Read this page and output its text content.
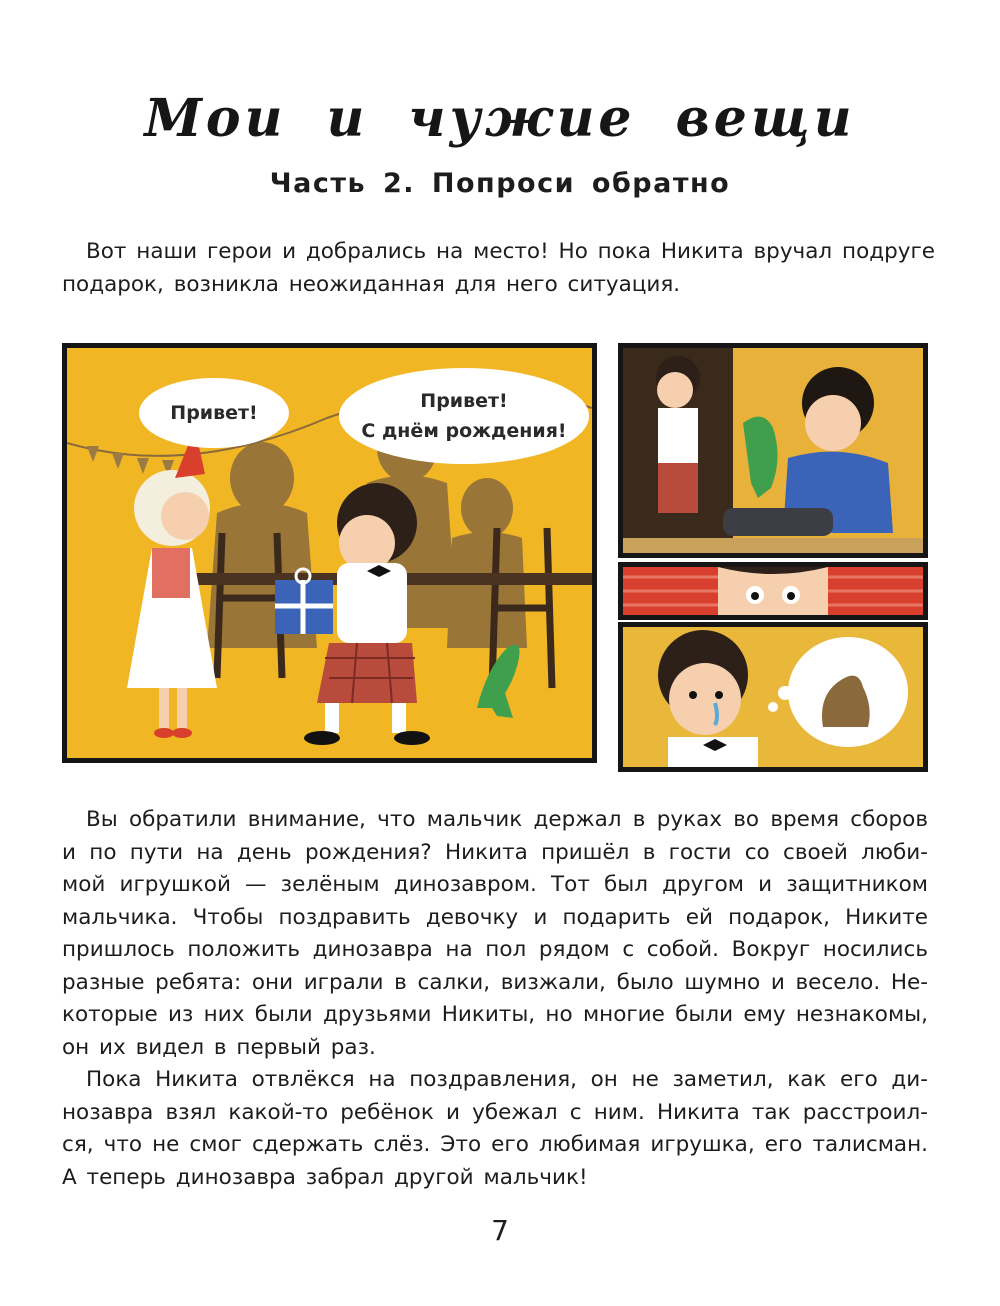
Мои и чужие вещи
Часть 2. Попроси обратно
Вот наши герои и добрались на место! Но пока Никита вручал подруге
подарок, возникла неожиданная для него ситуация.
Привет!
Привет!
С днём рождения!
Вы обратили внимание, что мальчик держал в руках во время сборов
и по пути на день рождения? Никита пришёл в гости со своей люби-
мой игрушкой — зелёным динозавром. Тот был другом и защитником
мальчика. Чтобы поздравить девочку и подарить ей подарок, Никите
пришлось положить динозавра на пол рядом с собой. Вокруг носились
разные ребята: они играли в салки, визжали, было шумно и весело. Не-
которые из них были друзьями Никиты, но многие были ему незнакомы,
он их видел в первый раз.
Пока Никита отвлёкся на поздравления, он не заметил, как его ди-
нозавра взял какой-то ребёнок и убежал с ним. Никита так расстроил-
ся, что не смог сдержать слёз. Это его любимая игрушка, его талисман.
А теперь динозавра забрал другой мальчик!
7
